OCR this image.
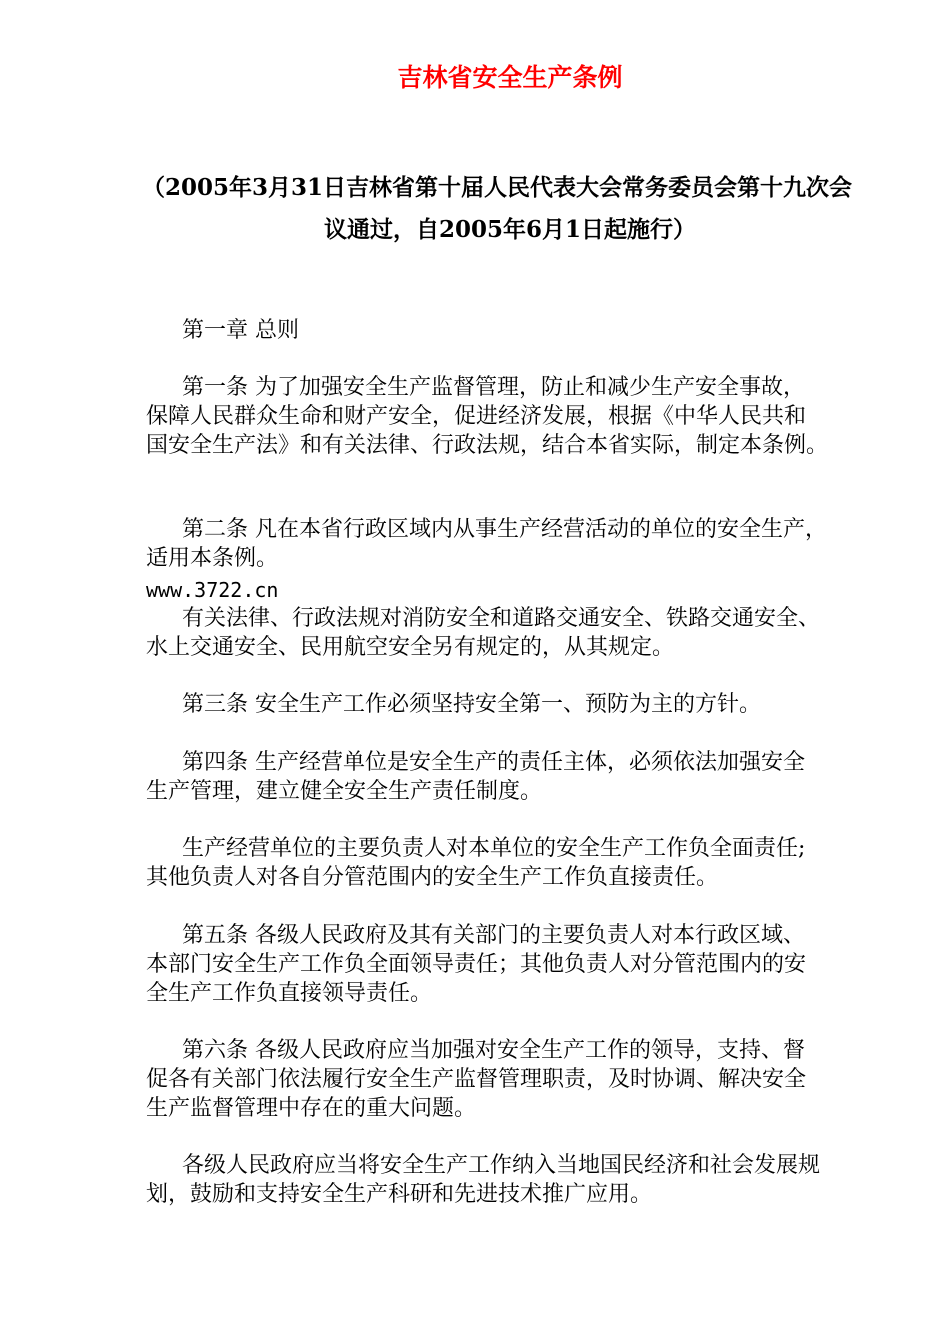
吉林省安全生产条例
（2005年3月31日吉林省第十届人民代表大会常务委员会第十九次会
议通过，自2005年6月1日起施行）
第一章 总则
第一条 为了加强安全生产监督管理，防止和减少生产安全事故，
保障人民群众生命和财产安全，促进经济发展，根据《中华人民共和
国安全生产法》和有关法律、行政法规，结合本省实际，制定本条例。
第二条 凡在本省行政区域内从事生产经营活动的单位的安全生产，
适用本条例。
www.3722.cn
有关法律、行政法规对消防安全和道路交通安全、铁路交通安全、
水上交通安全、民用航空安全另有规定的，从其规定。
第三条 安全生产工作必须坚持安全第一、预防为主的方针。
第四条 生产经营单位是安全生产的责任主体，必须依法加强安全
生产管理，建立健全安全生产责任制度。
生产经营单位的主要负责人对本单位的安全生产工作负全面责任;
其他负责人对各自分管范围内的安全生产工作负直接责任。
第五条 各级人民政府及其有关部门的主要负责人对本行政区域、
本部门安全生产工作负全面领导责任；其他负责人对分管范围内的安
全生产工作负直接领导责任。
第六条 各级人民政府应当加强对安全生产工作的领导，支持、督
促各有关部门依法履行安全生产监督管理职责，及时协调、解决安全
生产监督管理中存在的重大问题。
各级人民政府应当将安全生产工作纳入当地国民经济和社会发展规
划，鼓励和支持安全生产科研和先进技术推广应用。
